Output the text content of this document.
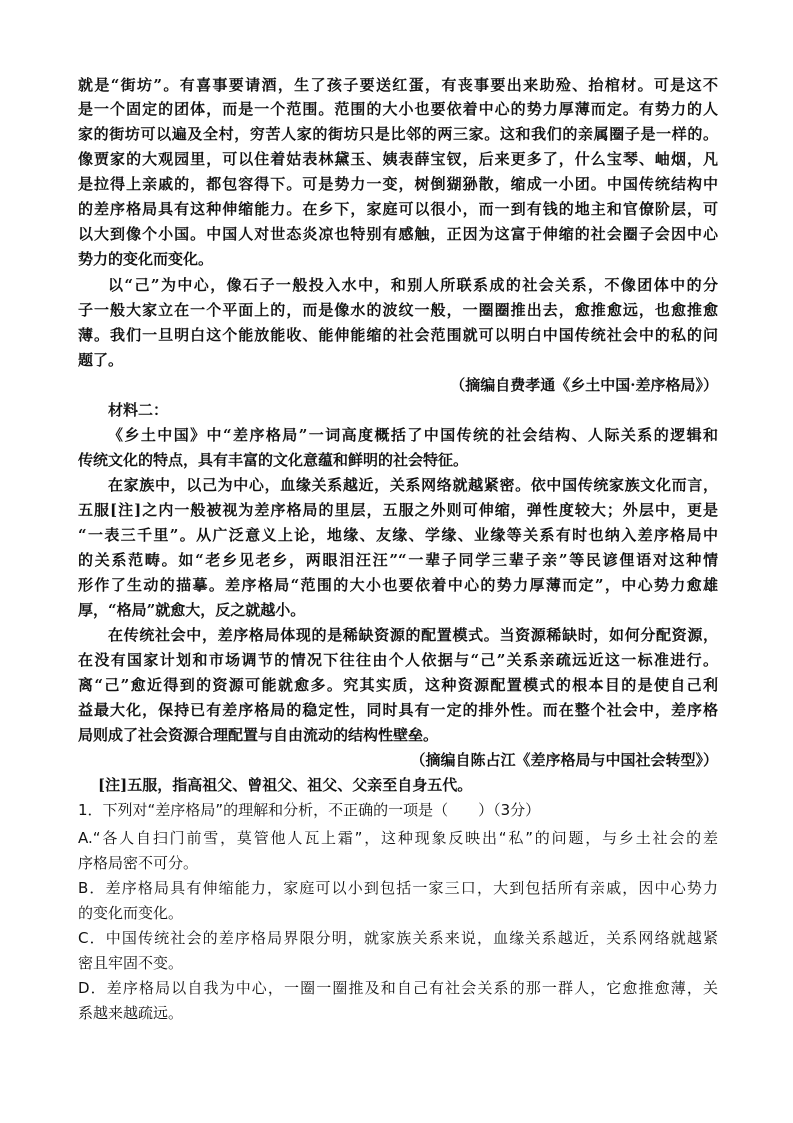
就是“街坊”。有喜事要请酒，生了孩子要送红蛋，有丧事要出来助殓、抬棺材。可是这不
是一个固定的团体，而是一个范围。范围的大小也要依着中心的势力厚薄而定。有势力的人
家的街坊可以遍及全村，穷苦人家的街坊只是比邻的两三家。这和我们的亲属圈子是一样的。
像贾家的大观园里，可以住着姑表林黛玉、姨表薛宝钗，后来更多了，什么宝琴、岫烟，凡
是拉得上亲戚的，都包容得下。可是势力一变，树倒猢狲散，缩成一小团。中国传统结构中
的差序格局具有这种伸缩能力。在乡下，家庭可以很小，而一到有钱的地主和官僚阶层，可
以大到像个小国。中国人对世态炎凉也特别有感触，正因为这富于伸缩的社会圈子会因中心
势力的变化而变化。
以“己”为中心，像石子一般投入水中，和别人所联系成的社会关系，不像团体中的分
子一般大家立在一个平面上的，而是像水的波纹一般，一圈圈推出去，愈推愈远，也愈推愈
薄。我们一旦明白这个能放能收、能伸能缩的社会范围就可以明白中国传统社会中的私的问
题了。
（摘编自费孝通《乡土中国·差序格局》）
材料二：
《乡土中国》中“差序格局”一词高度概括了中国传统的社会结构、人际关系的逻辑和
传统文化的特点，具有丰富的文化意蕴和鲜明的社会特征。
在家族中，以己为中心，血缘关系越近，关系网络就越紧密。依中国传统家族文化而言，
五服[注]之内一般被视为差序格局的里层，五服之外则可伸缩，弹性度较大；外层中，更是
“一表三千里”。从广泛意义上论，地缘、友缘、学缘、业缘等关系有时也纳入差序格局中
的关系范畴。如“老乡见老乡，两眼泪汪汪”“一辈子同学三辈子亲”等民谚俚语对这种情
形作了生动的描摹。差序格局“范围的大小也要依着中心的势力厚薄而定”，中心势力愈雄
厚，“格局”就愈大，反之就越小。
在传统社会中，差序格局体现的是稀缺资源的配置模式。当资源稀缺时，如何分配资源，
在没有国家计划和市场调节的情况下往往由个人依据与“己”关系亲疏远近这一标准进行。
离“己”愈近得到的资源可能就愈多。究其实质，这种资源配置模式的根本目的是使自己利
益最大化，保持已有差序格局的稳定性，同时具有一定的排外性。而在整个社会中，差序格
局则成了社会资源合理配置与自由流动的结构性壁垒。
（摘编自陈占江《差序格局与中国社会转型》）
[注]五服，指高祖父、曾祖父、祖父、父亲至自身五代。
1．下列对“差序格局”的理解和分析，不正确的一项是（　　）（3分）
A.“各人自扫门前雪，莫管他人瓦上霜”，这种现象反映出“私”的问题，与乡土社会的差
序格局密不可分。
B．差序格局具有伸缩能力，家庭可以小到包括一家三口，大到包括所有亲戚，因中心势力
的变化而变化。
C．中国传统社会的差序格局界限分明，就家族关系来说，血缘关系越近，关系网络就越紧
密且牢固不变。
D．差序格局以自我为中心，一圈一圈推及和自己有社会关系的那一群人，它愈推愈薄，关
系越来越疏远。
